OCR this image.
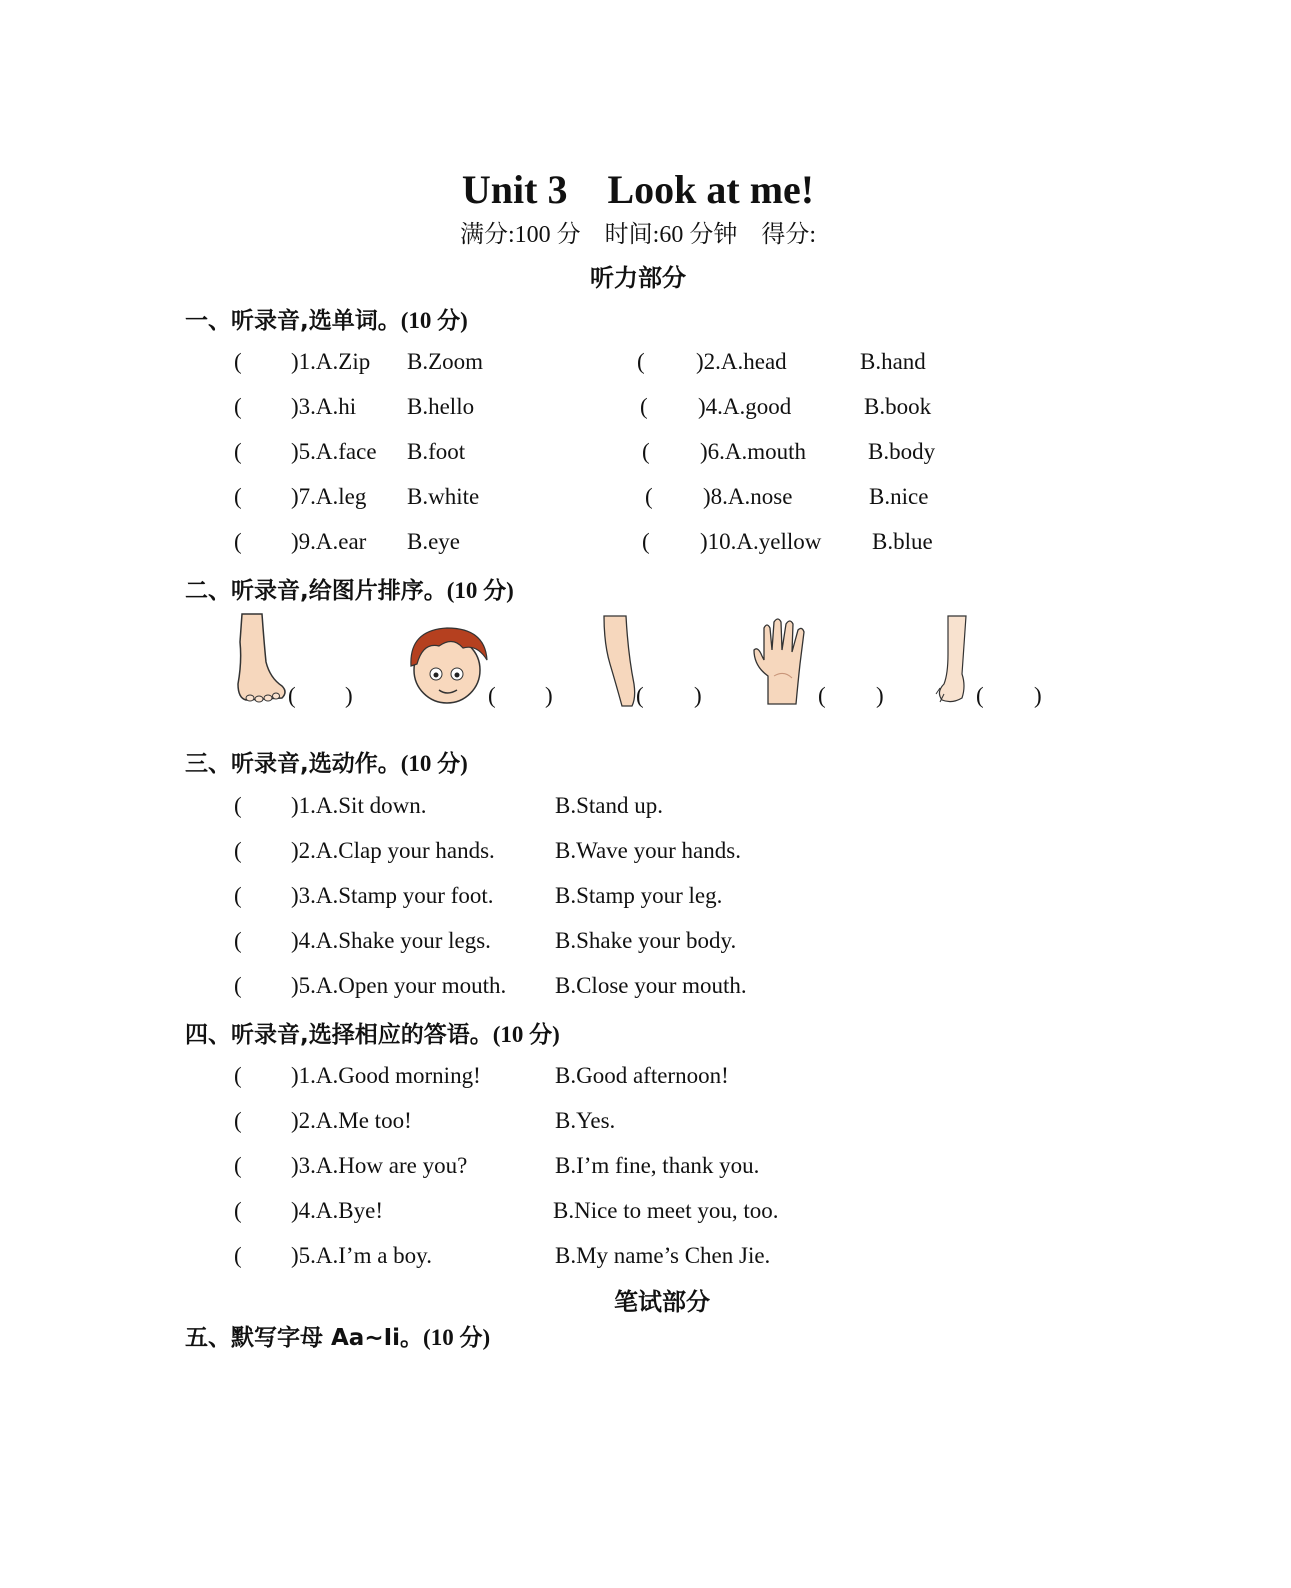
Unit 3　Look at me!
满分:100 分　时间:60 分钟　得分:
听力部分
一、听录音,选单词。(10 分)
( )1.A.Zip B.Zoom	( )2.A.head	B.hand
( )3.A.hi B.hello	( )4.A.good	B.book
( )5.A.face B.foot	( )6.A.mouth	B.body
( )7.A.leg B.white	( )8.A.nose	B.nice
( )9.A.ear B.eye	( )10.A.yellow B.blue
二、听录音,给图片排序。(10 分)
( )	( )	( )	( )	( )
三、听录音,选动作。(10 分)
( )1.A.Sit down.	B.Stand up.
( )2.A.Clap your hands.	B.Wave your hands.
( )3.A.Stamp your foot.	B.Stamp your leg.
( )4.A.Shake your legs.	B.Shake your body.
( )5.A.Open your mouth. B.Close your mouth.
四、听录音,选择相应的答语。(10 分)
( )1.A.Good morning!	B.Good afternoon!
( )2.A.Me too!	B.Yes.
( )3.A.How are you?	B.I’m fine, thank you.
( )4.A.Bye!	B.Nice to meet you, too.
( )5.A.I’m a boy.	B.My name’s Chen Jie.
笔试部分
五、默写字母 Aa~Ii。(10 分)
